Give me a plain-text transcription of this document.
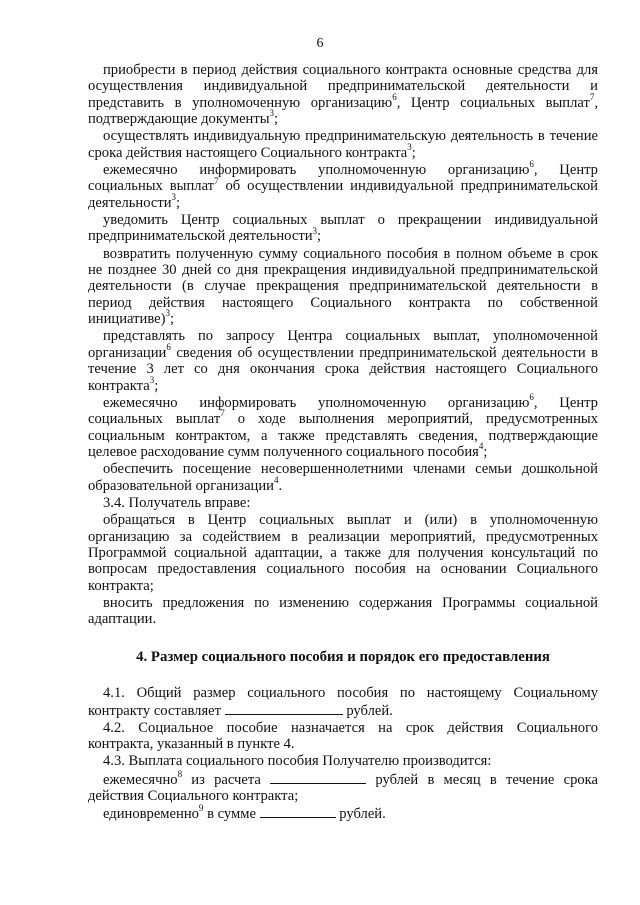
6

приобрести в период действия социального контракта основные средства для осуществления индивидуальной предпринимательской деятельности и представить в уполномоченную организацию$^6$, Центр социальных выплат$^7$, подтверждающие документы$^3$;

осуществлять индивидуальную предпринимательскую деятельность в течение срока действия настоящего Социального контракта$^3$;

ежемесячно информировать уполномоченную организацию$^6$, Центр социальных выплат$^7$ об осуществлении индивидуальной предпринимательской деятельности$^3$;

уведомить Центр социальных выплат о прекращении индивидуальной предпринимательской деятельности$^3$;

возвратить полученную сумму социального пособия в полном объеме в срок не позднее 30 дней со дня прекращения индивидуальной предпринимательской деятельности (в случае прекращения предпринимательской деятельности в период действия настоящего Социального контракта по собственной инициативе)$^3$;

представлять по запросу Центра социальных выплат, уполномоченной организации$^6$ сведения об осуществлении предпринимательской деятельности в течение 3 лет со дня окончания срока действия настоящего Социального контракта$^3$;

ежемесячно информировать уполномоченную организацию$^6$, Центр социальных выплат$^7$ о ходе выполнения мероприятий, предусмотренных социальным контрактом, а также представлять сведения, подтверждающие целевое расходование сумм полученного социального пособия$^4$;

обеспечить посещение несовершеннолетними членами семьи дошкольной образовательной организации$^4$.

3.4. Получатель вправе:

обращаться в Центр социальных выплат и (или) в уполномоченную организацию за содействием в реализации мероприятий, предусмотренных Программой социальной адаптации, а также для получения консультаций по вопросам предоставления социального пособия на основании Социального контракта;

вносить предложения по изменению содержания Программы социальной адаптации.

4. Размер социального пособия и порядок его предоставления

4.1. Общий размер социального пособия по настоящему Социальному контракту составляет	рублей.

4.2. Социальное пособие назначается на срок действия Социального контракта, указанный в пункте 4.

4.3. Выплата социального пособия Получателю производится:

ежемесячно$^8$ из расчета	рублей в месяц в течение срока действия Социального контракта;

единовременно$^9$ в сумме	рублей.
